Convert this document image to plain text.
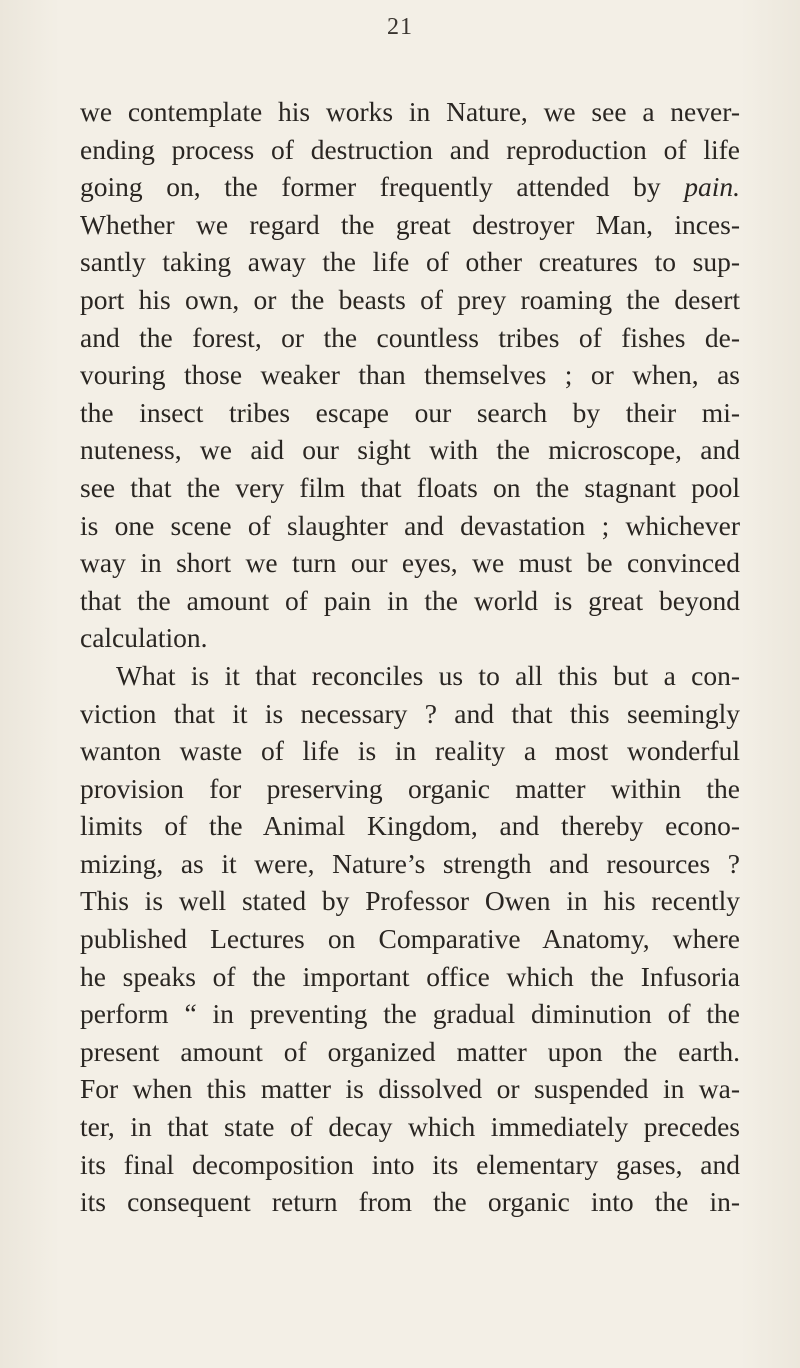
21
we contemplate his works in Nature, we see a never-
ending process of destruction and reproduction of life
going on, the former frequently attended by pain.
Whether we regard the great destroyer Man, inces-
santly taking away the life of other creatures to sup-
port his own, or the beasts of prey roaming the desert
and the forest, or the countless tribes of fishes de-
vouring those weaker than themselves ; or when, as
the insect tribes escape our search by their mi-
nuteness, we aid our sight with the microscope, and
see that the very film that floats on the stagnant pool
is one scene of slaughter and devastation ; whichever
way in short we turn our eyes, we must be convinced
that the amount of pain in the world is great beyond
calculation.
What is it that reconciles us to all this but a con-
viction that it is necessary ? and that this seemingly
wanton waste of life is in reality a most wonderful
provision for preserving organic matter within the
limits of the Animal Kingdom, and thereby econo-
mizing, as it were, Nature’s strength and resources ?
This is well stated by Professor Owen in his recently
published Lectures on Comparative Anatomy, where
he speaks of the important office which the Infusoria
perform “ in preventing the gradual diminution of the
present amount of organized matter upon the earth.
For when this matter is dissolved or suspended in wa-
ter, in that state of decay which immediately precedes
its final decomposition into its elementary gases, and
its consequent return from the organic into the in-
